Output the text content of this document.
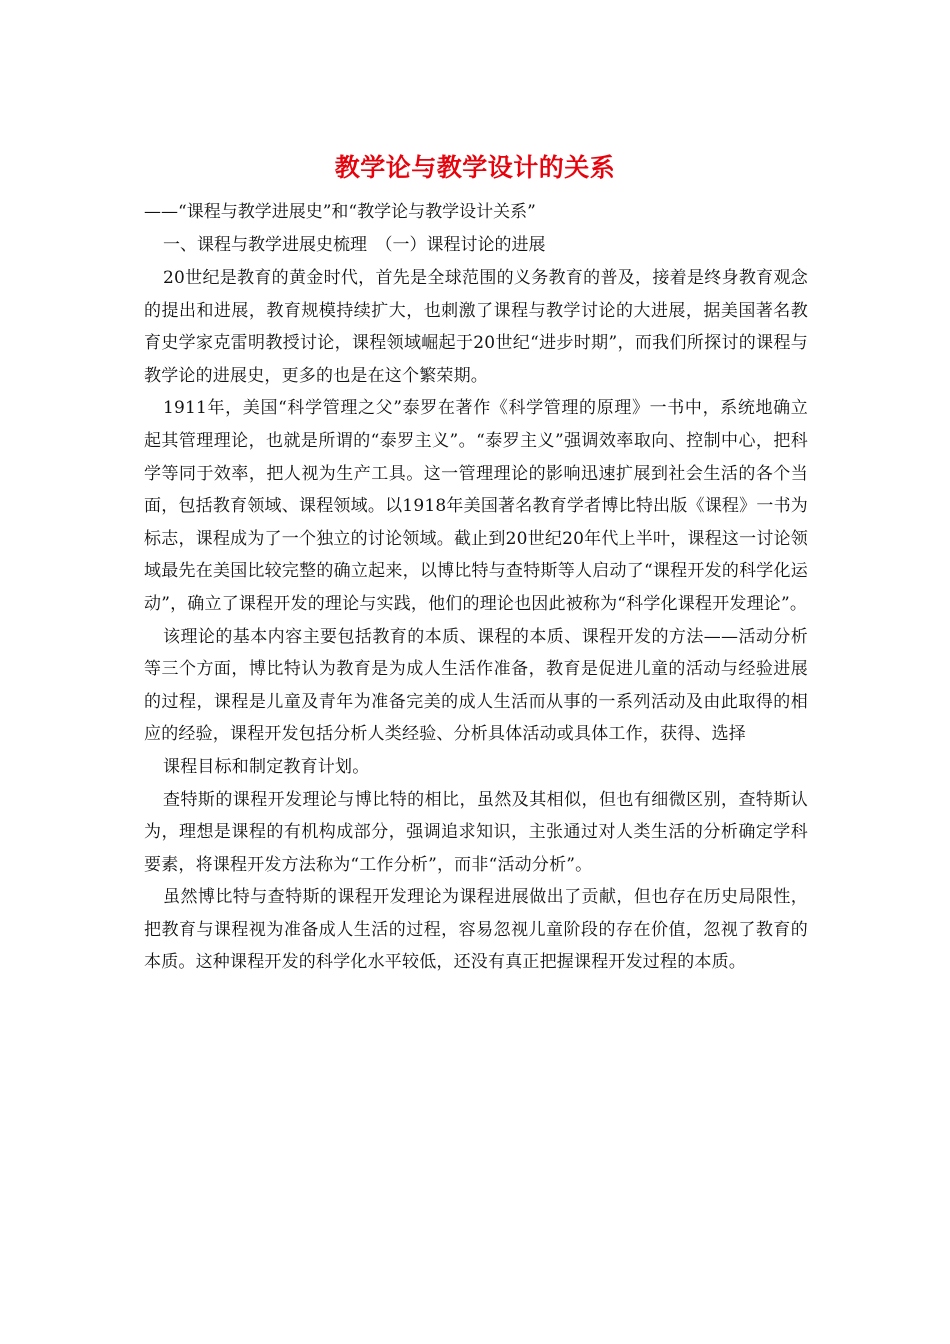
教学论与教学设计的关系
——“课程与教学进展史”和“教学论与教学设计关系”
一、课程与教学进展史梳理　（一）课程讨论的进展

20世纪是教育的黄金时代，首先是全球范围的义务教育的普及，接着是终身教育观念的提出和进展，教育规模持续扩大，也刺激了课程与教学讨论的大进展，据美国著名教育史学家克雷明教授讨论，课程领域崛起于20世纪“进步时期”，而我们所探讨的课程与教学论的进展史，更多的也是在这个繁荣期。

1911年，美国“科学管理之父”泰罗在著作《科学管理的原理》一书中，系统地确立起其管理理论，也就是所谓的“泰罗主义”。“泰罗主义”强调效率取向、控制中心，把科学等同于效率，把人视为生产工具。这一管理理论的影响迅速扩展到社会生活的各个当面，包括教育领域、课程领域。以1918年美国著名教育学者博比特出版《课程》一书为标志，课程成为了一个独立的讨论领域。截止到20世纪20年代上半叶，课程这一讨论领域最先在美国比较完整的确立起来，以博比特与查特斯等人启动了“课程开发的科学化运动”，确立了课程开发的理论与实践，他们的理论也因此被称为“科学化课程开发理论”。

该理论的基本内容主要包括教育的本质、课程的本质、课程开发的方法——活动分析等三个方面，博比特认为教育是为成人生活作准备，教育是促进儿童的活动与经验进展的过程，课程是儿童及青年为准备完美的成人生活而从事的一系列活动及由此取得的相应的经验，课程开发包括分析人类经验、分析具体活动或具体工作，获得、选择

课程目标和制定教育计划。

查特斯的课程开发理论与博比特的相比，虽然及其相似，但也有细微区别，查特斯认为，理想是课程的有机构成部分，强调追求知识，主张通过对人类生活的分析确定学科要素，将课程开发方法称为“工作分析”，而非“活动分析”。

虽然博比特与查特斯的课程开发理论为课程进展做出了贡献，但也存在历史局限性，把教育与课程视为准备成人生活的过程，容易忽视儿童阶段的存在价值，忽视了教育的本质。这种课程开发的科学化水平较低，还没有真正把握课程开发过程的本质。
